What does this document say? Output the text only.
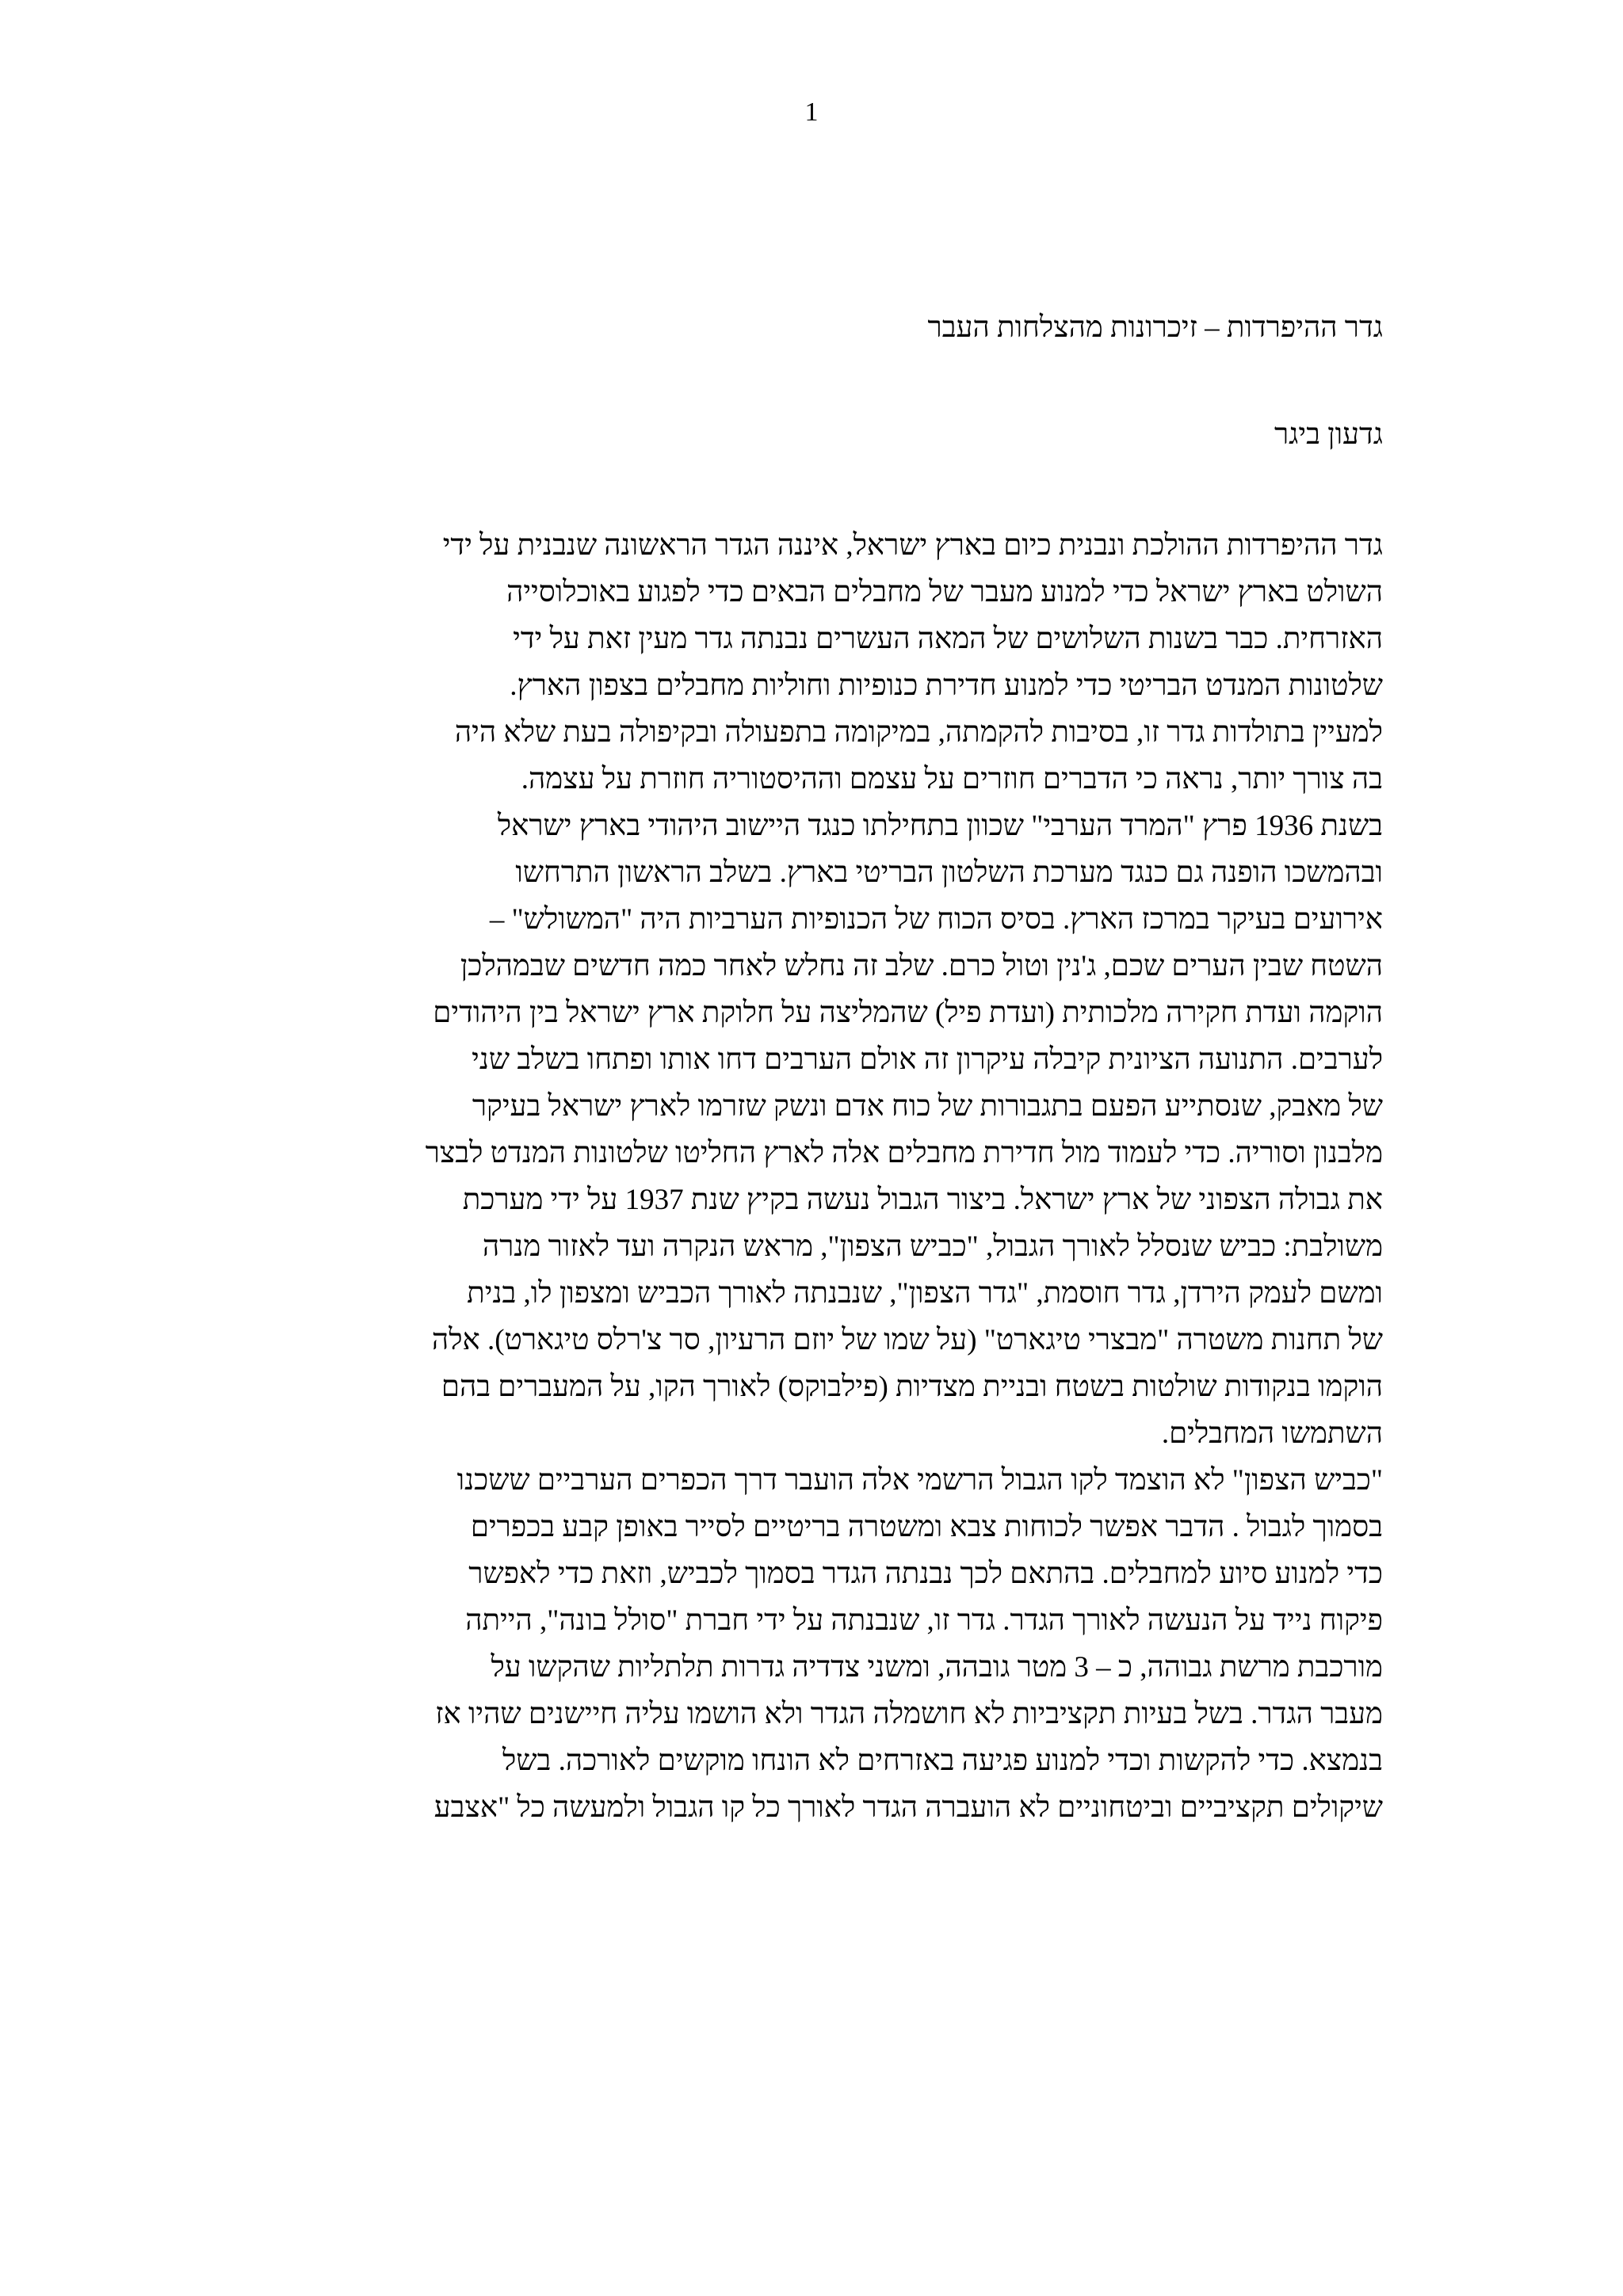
1
גדר ההיפרדות – זיכרונות מהצלחות העבר
גדעון ביגר
גדר ההיפרדות ההולכת ונבנית כיום בארץ ישראל, איננה הגדר הראשונה שנבנית על ידי
השולט בארץ ישראל כדי למנוע מעבר של מחבלים הבאים כדי לפגוע באוכלוסייה
האזרחית. כבר בשנות השלושים של המאה העשרים נבנתה גדר מעין זאת על ידי
שלטונות המנדט הבריטי כדי למנוע חדירת כנופיות וחוליות מחבלים בצפון הארץ.
למעיין בתולדות גדר זו, בסיבות להקמתה, במיקומה בתפעולה ובקיפולה בעת שלא היה
בה צורך יותר, נראה כי הדברים חוזרים על עצמם וההיסטוריה חוזרת על עצמה.
בשנת 1936 פרץ "המרד הערבי" שכוון בתחילתו כנגד היישוב היהודי בארץ ישראל
ובהמשכו הופנה גם כנגד מערכת השלטון הבריטי בארץ. בשלב הראשון התרחשו
אירועים בעיקר במרכז הארץ. בסיס הכוח של הכנופיות הערביות היה "המשולש" –
השטח שבין הערים שכם, ג'נין וטול כרם. שלב זה נחלש לאחר כמה חדשים שבמהלכן
הוקמה ועדת חקירה מלכותית (ועדת פיל) שהמליצה על חלוקת ארץ ישראל בין היהודים
לערבים. התנועה הציונית קיבלה עיקרון זה אולם הערבים דחו אותו ופתחו בשלב שני
של מאבק, שנסתייע הפעם בתגבורות של כוח אדם ונשק שזרמו לארץ ישראל בעיקר
מלבנון וסוריה. כדי לעמוד מול חדירת מחבלים אלה לארץ החליטו שלטונות המנדט לבצר
את גבולה הצפוני של ארץ ישראל. ביצור הגבול נעשה בקיץ שנת 1937 על ידי מערכת
משולבת: כביש שנסלל לאורך הגבול, "כביש הצפון", מראש הנקרה ועד לאזור מנרה
ומשם לעמק הירדן, גדר חוסמת, "גדר הצפון", שנבנתה לאורך הכביש ומצפון לו, בנית
של תחנות משטרה "מבצרי טיגארט" (על שמו של יוזם הרעיון, סר צ'רלס טיגארט). אלה
הוקמו בנקודות שולטות בשטח ובניית מצדיות (פילבוקס) לאורך הקו, על המעברים בהם
השתמשו המחבלים.
"כביש הצפון" לא הוצמד לקו הגבול הרשמי אלה הועבר דרך הכפרים הערביים ששכנו
בסמוך לגבול . הדבר אפשר לכוחות צבא ומשטרה בריטיים לסייר באופן קבע בכפרים
כדי למנוע סיוע למחבלים. בהתאם לכך נבנתה הגדר בסמוך לכביש, וזאת כדי לאפשר
פיקוח נייד על הנעשה לאורך הגדר. גדר זו, שנבנתה על ידי חברת "סולל בונה", הייתה
מורכבת מרשת גבוהה, כ – 3 מטר גובהה, ומשני צדדיה גדרות תלתליות שהקשו על
מעבר הגדר. בשל בעיות תקציביות לא חושמלה הגדר ולא הושמו עליה חיישנים שהיו אז
בנמצא. כדי להקשות וכדי למנוע פגיעה באזרחים לא הונחו מוקשים לאורכה. בשל
שיקולים תקציביים וביטחוניים לא הועברה הגדר לאורך כל קו הגבול ולמעשה כל "אצבע
